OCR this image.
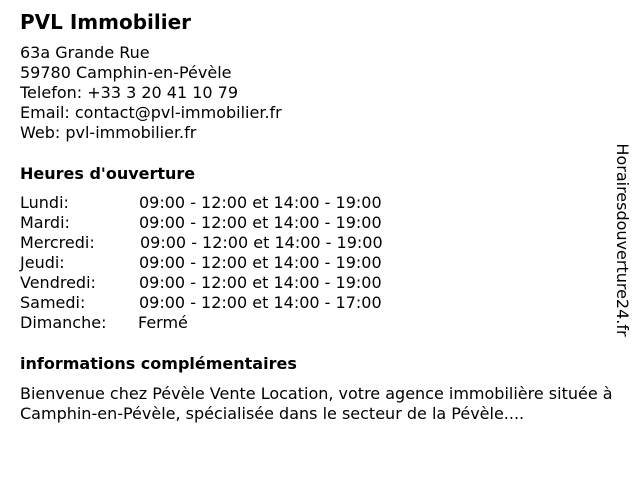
PVL Immobilier
63a Grande Rue
59780 Camphin-en-Pévèle
Telefon: +33 3 20 41 10 79
Email: contact@pvl-immobilier.fr
Web: pvl-immobilier.fr
Heures d'ouverture
Lundi:	09:00 - 12:00 et 14:00 - 19:00
Mardi:	09:00 - 12:00 et 14:00 - 19:00
Mercredi:	09:00 - 12:00 et 14:00 - 19:00
Jeudi:	09:00 - 12:00 et 14:00 - 19:00
Vendredi:	09:00 - 12:00 et 14:00 - 19:00
Samedi:	09:00 - 12:00 et 14:00 - 17:00
Dimanche: Fermé
informations complémentaires
Bienvenue chez Pévèle Vente Location, votre agence immobilière située à Camphin-en-Pévèle, spécialisée dans le secteur de la Pévèle....
Horairesdouverture24.fr
